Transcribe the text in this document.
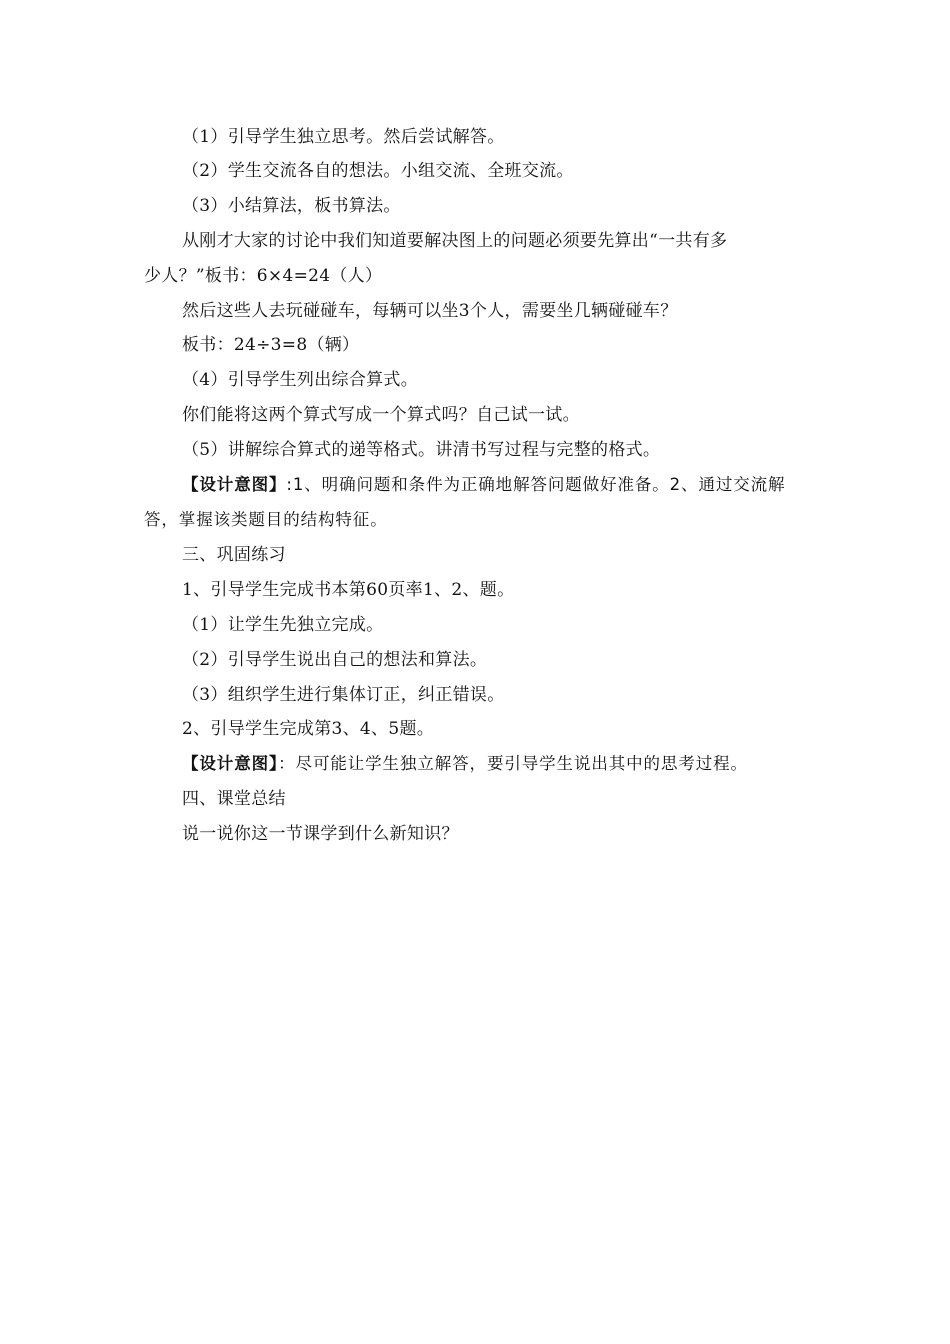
（1）引导学生独立思考。然后尝试解答。
（2）学生交流各自的想法。小组交流、全班交流。
（3）小结算法，板书算法。
从刚才大家的讨论中我们知道要解决图上的问题必须要先算出“一共有多
少人？”板书：6×4=24（人）
然后这些人去玩碰碰车，每辆可以坐3个人，需要坐几辆碰碰车？
板书：24÷3=8（辆）
（4）引导学生列出综合算式。
你们能将这两个算式写成一个算式吗？自己试一试。
（5）讲解综合算式的递等格式。讲清书写过程与完整的格式。
【设计意图】:1、明确问题和条件为正确地解答问题做好准备。2、通过交流解
答，掌握该类题目的结构特征。
三、巩固练习
1、引导学生完成书本第60页率1、2、题。
（1）让学生先独立完成。
（2）引导学生说出自己的想法和算法。
（3）组织学生进行集体订正，纠正错误。
2、引导学生完成第3、4、5题。
【设计意图】：尽可能让学生独立解答，要引导学生说出其中的思考过程。
四、课堂总结
说一说你这一节课学到什么新知识？
